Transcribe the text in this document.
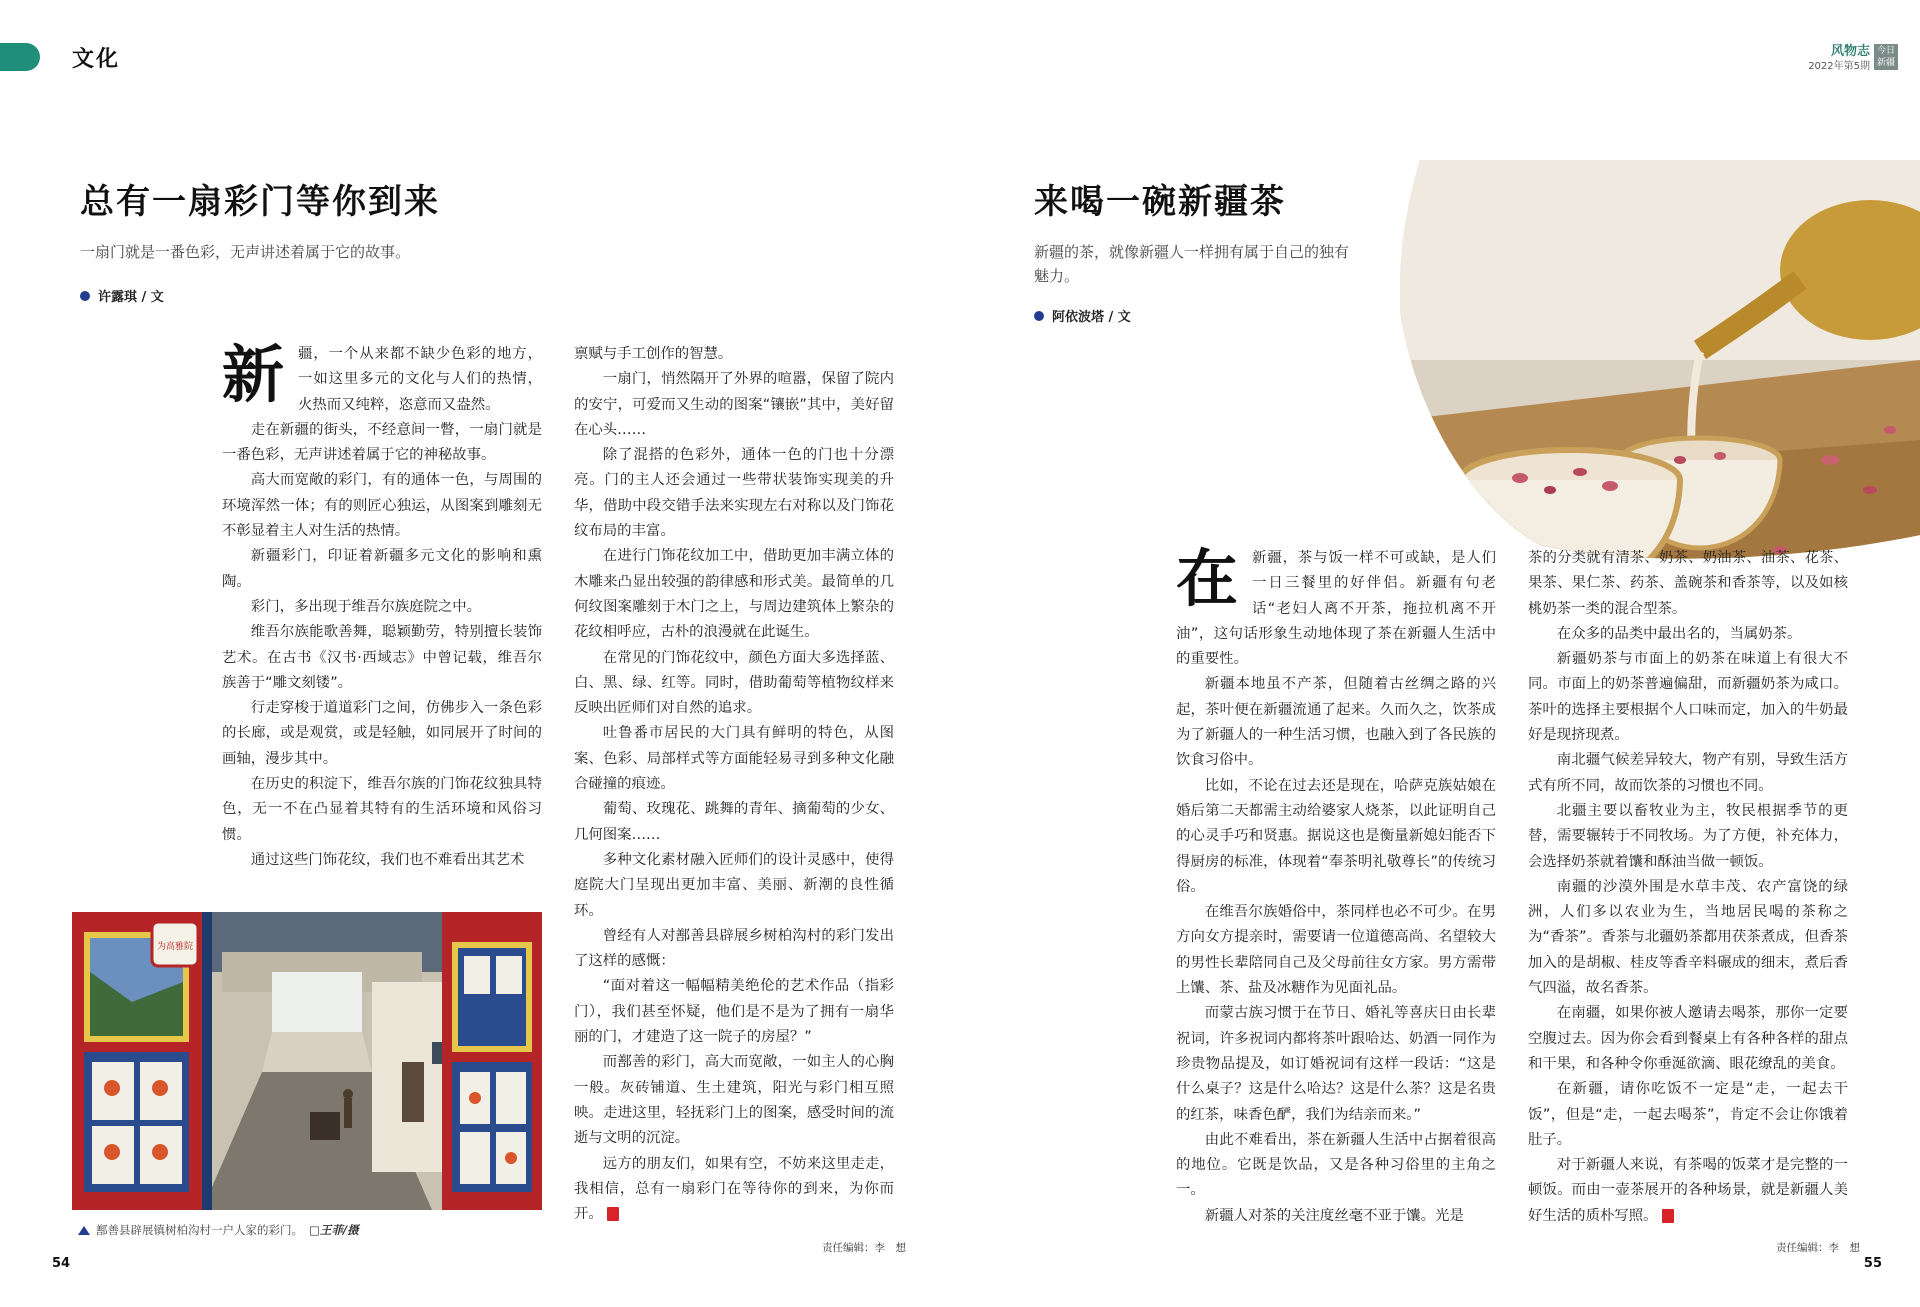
文化	风物志
2022年第5期
今日新疆
总有一扇彩门等你到来
一扇门就是一番色彩，无声讲述着属于它的故事。
许露琪 / 文
新 疆，一个从来都不缺少色彩的地方，一如这里多元的文化与人们的热情，火热而又纯粹，恣意而又盎然。

走在新疆的街头，不经意间一瞥，一扇门就是一番色彩，无声讲述着属于它的神秘故事。

高大而宽敞的彩门，有的通体一色，与周围的环境浑然一体；有的则匠心独运，从图案到雕刻无不彰显着主人对生活的热情。

新疆彩门，印证着新疆多元文化的影响和熏陶。

彩门，多出现于维吾尔族庭院之中。

维吾尔族能歌善舞，聪颖勤劳，特别擅长装饰艺术。在古书《汉书·西域志》中曾记载，维吾尔族善于“雕文刻镂”。

行走穿梭于道道彩门之间，仿佛步入一条色彩的长廊，或是观赏，或是轻触，如同展开了时间的画轴，漫步其中。

在历史的积淀下，维吾尔族的门饰花纹独具特色，无一不在凸显着其特有的生活环境和风俗习惯。

通过这些门饰花纹，我们也不难看出其艺术

禀赋与手工创作的智慧。

一扇门，悄然隔开了外界的喧嚣，保留了院内的安宁，可爱而又生动的图案“镶嵌”其中，美好留在心头……

除了混搭的色彩外，通体一色的门也十分漂亮。门的主人还会通过一些带状装饰实现美的升华，借助中段交错手法来实现左右对称以及门饰花纹布局的丰富。

在进行门饰花纹加工中，借助更加丰满立体的木雕来凸显出较强的韵律感和形式美。最简单的几何纹图案雕刻于木门之上，与周边建筑体上繁杂的花纹相呼应，古朴的浪漫就在此诞生。

在常见的门饰花纹中，颜色方面大多选择蓝、白、黑、绿、红等。同时，借助葡萄等植物纹样来反映出匠师们对自然的追求。

吐鲁番市居民的大门具有鲜明的特色，从图案、色彩、局部样式等方面能轻易寻到多种文化融合碰撞的痕迹。

葡萄、玫瑰花、跳舞的青年、摘葡萄的少女、几何图案……

多种文化素材融入匠师们的设计灵感中，使得庭院大门呈现出更加丰富、美丽、新潮的良性循环。

曾经有人对鄯善县辟展乡树柏沟村的彩门发出了这样的感慨：

“面对着这一幅幅精美绝伦的艺术作品（指彩门），我们甚至怀疑，他们是不是为了拥有一扇华丽的门，才建造了这一院子的房屋？”

而鄯善的彩门，高大而宽敞，一如主人的心胸一般。灰砖铺道、生土建筑，阳光与彩门相互照映。走进这里，轻抚彩门上的图案，感受时间的流逝与文明的沉淀。

远方的朋友们，如果有空，不妨来这里走走，我相信，总有一扇彩门在等待你的到来，为你而开。

为高雅院
鄯善县辟展镇树柏沟村一户人家的彩门。 □王菲/摄
责任编辑：李　想
54
来喝一碗新疆茶
新疆的茶，就像新疆人一样拥有属于自己的独有魅力。
阿依波塔 / 文
在 新疆，茶与饭一样不可或缺，是人们一日三餐里的好伴侣。新疆有句老话“老妇人离不开茶，拖拉机离不开油”，这句话形象生动地体现了茶在新疆人生活中的重要性。

新疆本地虽不产茶，但随着古丝绸之路的兴起，茶叶便在新疆流通了起来。久而久之，饮茶成为了新疆人的一种生活习惯，也融入到了各民族的饮食习俗中。

比如，不论在过去还是现在，哈萨克族姑娘在婚后第二天都需主动给婆家人烧茶，以此证明自己的心灵手巧和贤惠。据说这也是衡量新媳妇能否下得厨房的标准，体现着“奉茶明礼敬尊长”的传统习俗。

在维吾尔族婚俗中，茶同样也必不可少。在男方向女方提亲时，需要请一位道德高尚、名望较大的男性长辈陪同自己及父母前往女方家。男方需带上馕、茶、盐及冰糖作为见面礼品。

而蒙古族习惯于在节日、婚礼等喜庆日由长辈祝词，许多祝词内都将茶叶跟哈达、奶酒一同作为珍贵物品提及，如订婚祝词有这样一段话：“这是什么桌子？这是什么哈达？这是什么茶？这是名贵的红茶，味香色酽，我们为结亲而来。”

由此不难看出，茶在新疆人生活中占据着很高的地位。它既是饮品，又是各种习俗里的主角之一。

新疆人对茶的关注度丝毫不亚于馕。光是

茶的分类就有清茶、奶茶、奶油茶、油茶、花茶、果茶、果仁茶、药茶、盖碗茶和香茶等，以及如核桃奶茶一类的混合型茶。

在众多的品类中最出名的，当属奶茶。

新疆奶茶与市面上的奶茶在味道上有很大不同。市面上的奶茶普遍偏甜，而新疆奶茶为咸口。茶叶的选择主要根据个人口味而定，加入的牛奶最好是现挤现煮。

南北疆气候差异较大，物产有别，导致生活方式有所不同，故而饮茶的习惯也不同。

北疆主要以畜牧业为主，牧民根据季节的更替，需要辗转于不同牧场。为了方便，补充体力，会选择奶茶就着馕和酥油当做一顿饭。

南疆的沙漠外围是水草丰茂、农产富饶的绿洲，人们多以农业为生，当地居民喝的茶称之为“香茶”。香茶与北疆奶茶都用茯茶煮成，但香茶加入的是胡椒、桂皮等香辛料碾成的细末，煮后香气四溢，故名香茶。

在南疆，如果你被人邀请去喝茶，那你一定要空腹过去。因为你会看到餐桌上有各种各样的甜点和干果，和各种令你垂涎欲滴、眼花缭乱的美食。

在新疆，请你吃饭不一定是“走，一起去干饭”，但是“走，一起去喝茶”，肯定不会让你饿着肚子。

对于新疆人来说，有茶喝的饭菜才是完整的一顿饭。而由一壶茶展开的各种场景，就是新疆人美好生活的质朴写照。

责任编辑：李　想
55
